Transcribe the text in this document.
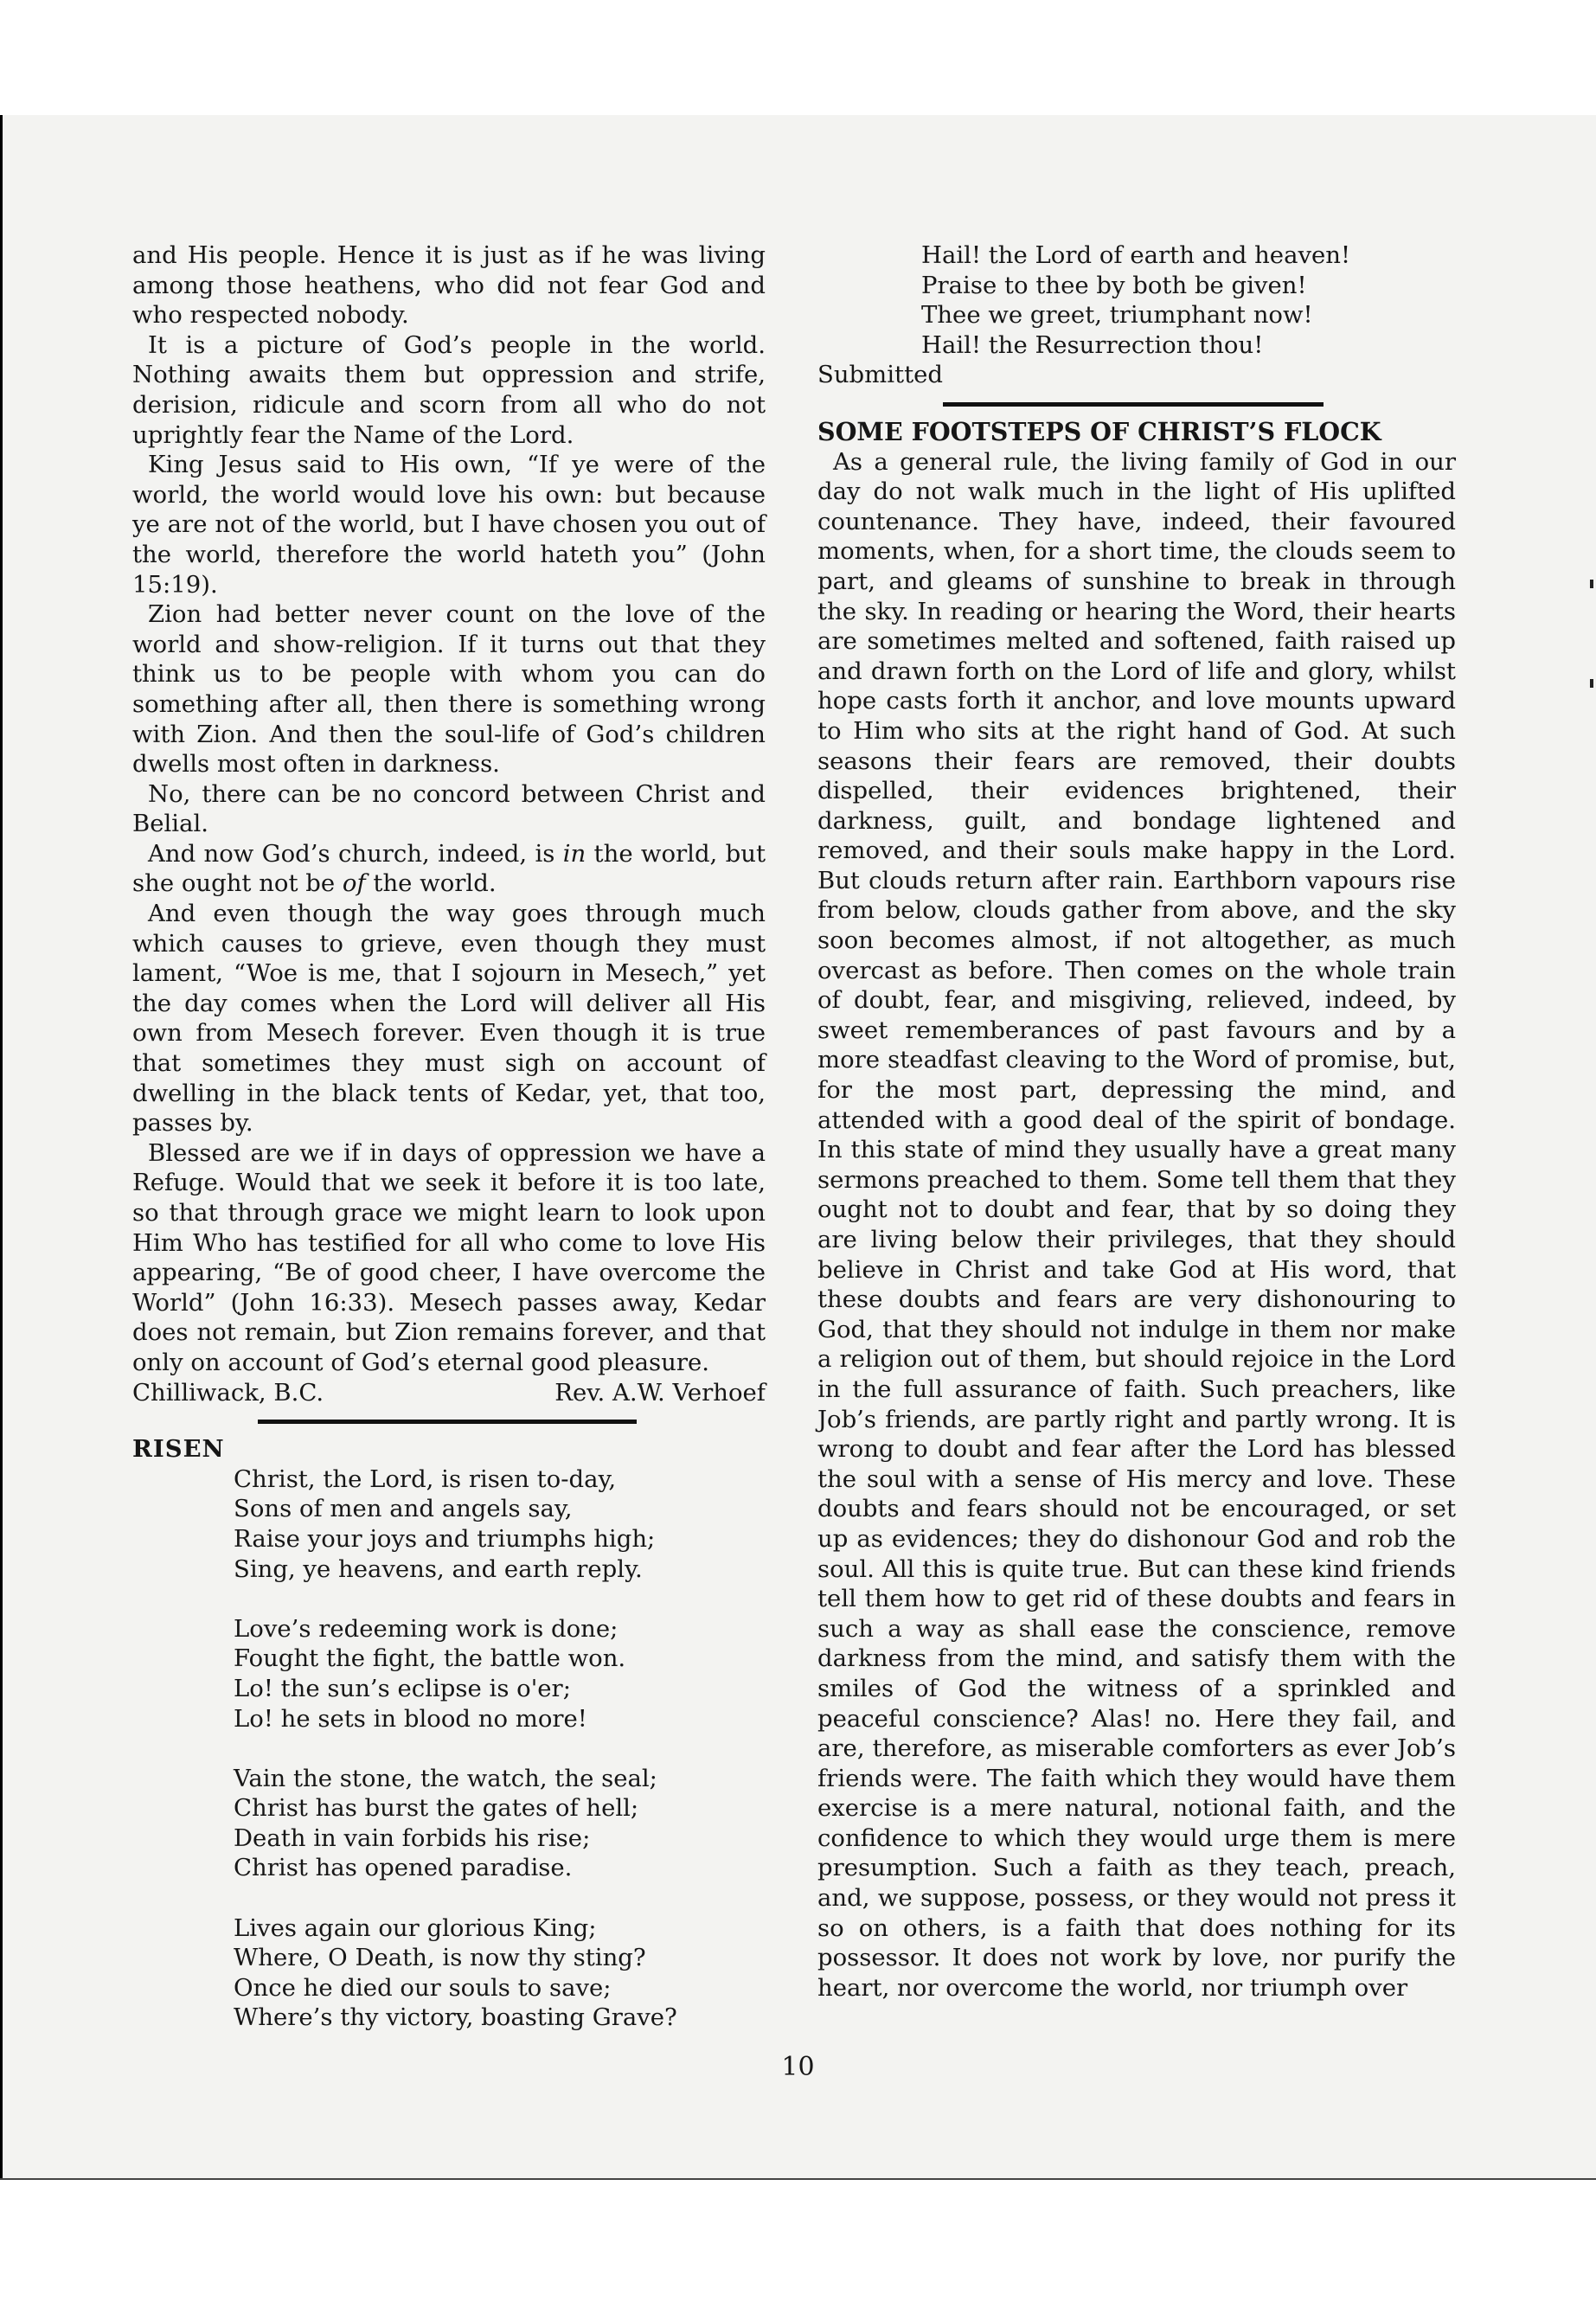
and His people. Hence it is just as if he was living among those heathens, who did not fear God and who respected nobody.

It is a picture of God’s people in the world. Nothing awaits them but oppression and strife, derision, ridicule and scorn from all who do not uprightly fear the Name of the Lord.

King Jesus said to His own, “If ye were of the world, the world would love his own: but because ye are not of the world, but I have chosen you out of the world, therefore the world hateth you” (John 15:19).

Zion had better never count on the love of the world and show-religion. If it turns out that they think us to be people with whom you can do something after all, then there is something wrong with Zion. And then the soul-life of God’s children dwells most often in darkness.

No, there can be no concord between Christ and Belial.

And now God’s church, indeed, is in the world, but she ought not be of the world.

And even though the way goes through much which causes to grieve, even though they must lament, “Woe is me, that I sojourn in Mesech,” yet the day comes when the Lord will deliver all His own from Mesech forever. Even though it is true that sometimes they must sigh on account of dwelling in the black tents of Kedar, yet, that too, passes by.

Blessed are we if in days of oppression we have a Refuge. Would that we seek it before it is too late, so that through grace we might learn to look upon Him Who has testified for all who come to love His appearing, “Be of good cheer, I have overcome the World” (John 16:33). Mesech passes away, Kedar does not remain, but Zion remains forever, and that only on account of God’s eternal good pleasure.

Chilliwack, B.C.	Rev. A.W. Verhoef

RISEN

Christ, the Lord, is risen to-day,
Sons of men and angels say,
Raise your joys and triumphs high;
Sing, ye heavens, and earth reply.
Love’s redeeming work is done;
Fought the fight, the battle won.
Lo! the sun’s eclipse is o'er;
Lo! he sets in blood no more!
Vain the stone, the watch, the seal;
Christ has burst the gates of hell;
Death in vain forbids his rise;
Christ has opened paradise.
Lives again our glorious King;
Where, O Death, is now thy sting?
Once he died our souls to save;
Where’s thy victory, boasting Grave?
Hail! the Lord of earth and heaven!
Praise to thee by both be given!
Thee we greet, triumphant now!
Hail! the Resurrection thou!

Submitted

SOME FOOTSTEPS OF CHRIST’S FLOCK

As a general rule, the living family of God in our day do not walk much in the light of His uplifted countenance. They have, indeed, their favoured moments, when, for a short time, the clouds seem to part, and gleams of sunshine to break in through the sky. In reading or hearing the Word, their hearts are sometimes melted and softened, faith raised up and drawn forth on the Lord of life and glory, whilst hope casts forth it anchor, and love mounts upward to Him who sits at the right hand of God. At such seasons their fears are removed, their doubts dispelled, their evidences brightened, their darkness, guilt, and bondage lightened and removed, and their souls make happy in the Lord. But clouds return after rain. Earthborn vapours rise from below, clouds gather from above, and the sky soon becomes almost, if not altogether, as much overcast as before. Then comes on the whole train of doubt, fear, and misgiving, relieved, indeed, by sweet rememberances of past favours and by a more steadfast cleaving to the Word of promise, but, for the most part, depressing the mind, and attended with a good deal of the spirit of bondage. In this state of mind they usually have a great many sermons preached to them. Some tell them that they ought not to doubt and fear, that by so doing they are living below their privileges, that they should believe in Christ and take God at His word, that these doubts and fears are very dishonouring to God, that they should not indulge in them nor make a religion out of them, but should rejoice in the Lord in the full assurance of faith. Such preachers, like Job’s friends, are partly right and partly wrong. It is wrong to doubt and fear after the Lord has blessed the soul with a sense of His mercy and love. These doubts and fears should not be encouraged, or set up as evidences; they do dishonour God and rob the soul. All this is quite true. But can these kind friends tell them how to get rid of these doubts and fears in such a way as shall ease the conscience, remove darkness from the mind, and satisfy them with the smiles of God the witness of a sprinkled and peaceful conscience? Alas! no. Here they fail, and are, therefore, as miserable comforters as ever Job’s friends were. The faith which they would have them exercise is a mere natural, notional faith, and the confidence to which they would urge them is mere presumption. Such a faith as they teach, preach, and, we suppose, possess, or they would not press it so on others, is a faith that does nothing for its possessor. It does not work by love, nor purify the heart, nor overcome the world, nor triumph over

10
